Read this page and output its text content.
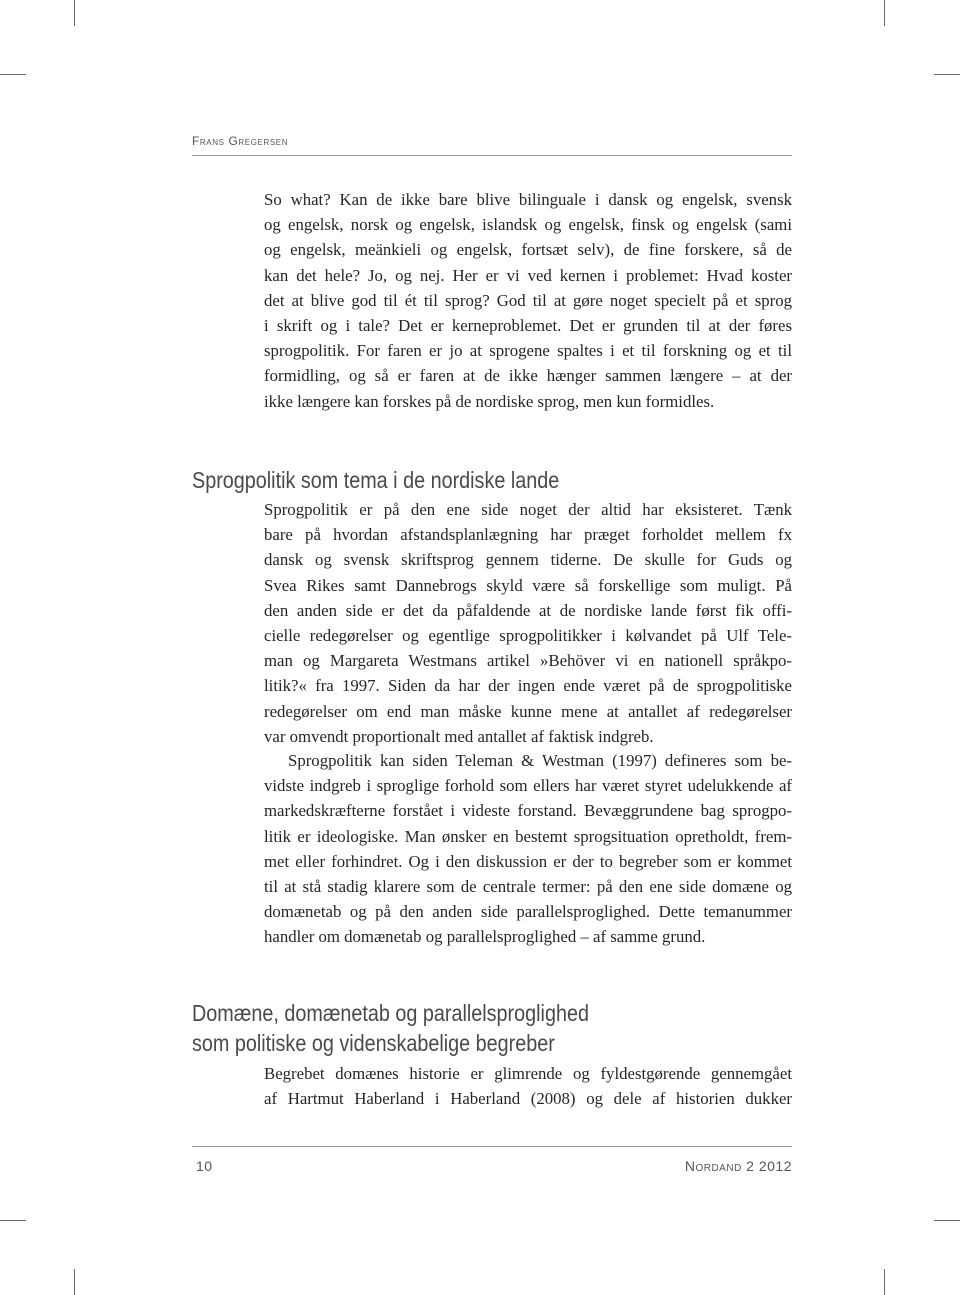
Frans Gregersen

So what? Kan de ikke bare blive bilinguale i dansk og engelsk, svensk
og engelsk, norsk og engelsk, islandsk og engelsk, finsk og engelsk (sami
og engelsk, meänkieli og engelsk, fortsæt selv), de fine forskere, så de
kan det hele? Jo, og nej. Her er vi ved kernen i problemet: Hvad koster
det at blive god til ét til sprog? God til at gøre noget specielt på et sprog
i skrift og i tale? Det er kerneproblemet. Det er grunden til at der føres
sprogpolitik. For faren er jo at sprogene spaltes i et til forskning og et til
formidling, og så er faren at de ikke hænger sammen længere – at der
ikke længere kan forskes på de nordiske sprog, men kun formidles.

Sprogpolitik som tema i de nordiske lande

Sprogpolitik er på den ene side noget der altid har eksisteret. Tænk
bare på hvordan afstandsplanlægning har præget forholdet mellem fx
dansk og svensk skriftsprog gennem tiderne. De skulle for Guds og
Svea Rikes samt Dannebrogs skyld være så forskellige som muligt. På
den anden side er det da påfaldende at de nordiske lande først fik offi-
cielle redegørelser og egentlige sprogpolitikker i kølvandet på Ulf Tele-
man og Margareta Westmans artikel »Behöver vi en nationell språkpo-
litik?« fra 1997. Siden da har der ingen ende været på de sprogpolitiske
redegørelser om end man måske kunne mene at antallet af redegørelser
var omvendt proportionalt med antallet af faktisk indgreb.

Sprogpolitik kan siden Teleman & Westman (1997) defineres som be-
vidste indgreb i sproglige forhold som ellers har været styret udelukkende af
markedskræfterne forstået i videste forstand. Bevæggrundene bag sprogpo-
litik er ideologiske. Man ønsker en bestemt sprogsituation opretholdt, frem-
met eller forhindret. Og i den diskussion er der to begreber som er kommet
til at stå stadig klarere som de centrale termer: på den ene side domæne og
domænetab og på den anden side parallelsproglighed. Dette temanummer
handler om domænetab og parallelsproglighed – af samme grund.

Domæne, domænetab og parallelsproglighed
som politiske og videnskabelige begreber

Begrebet domænes historie er glimrende og fyldestgørende gennemgået
af Hartmut Haberland i Haberland (2008) og dele af historien dukker

10	Nordand 2 2012
